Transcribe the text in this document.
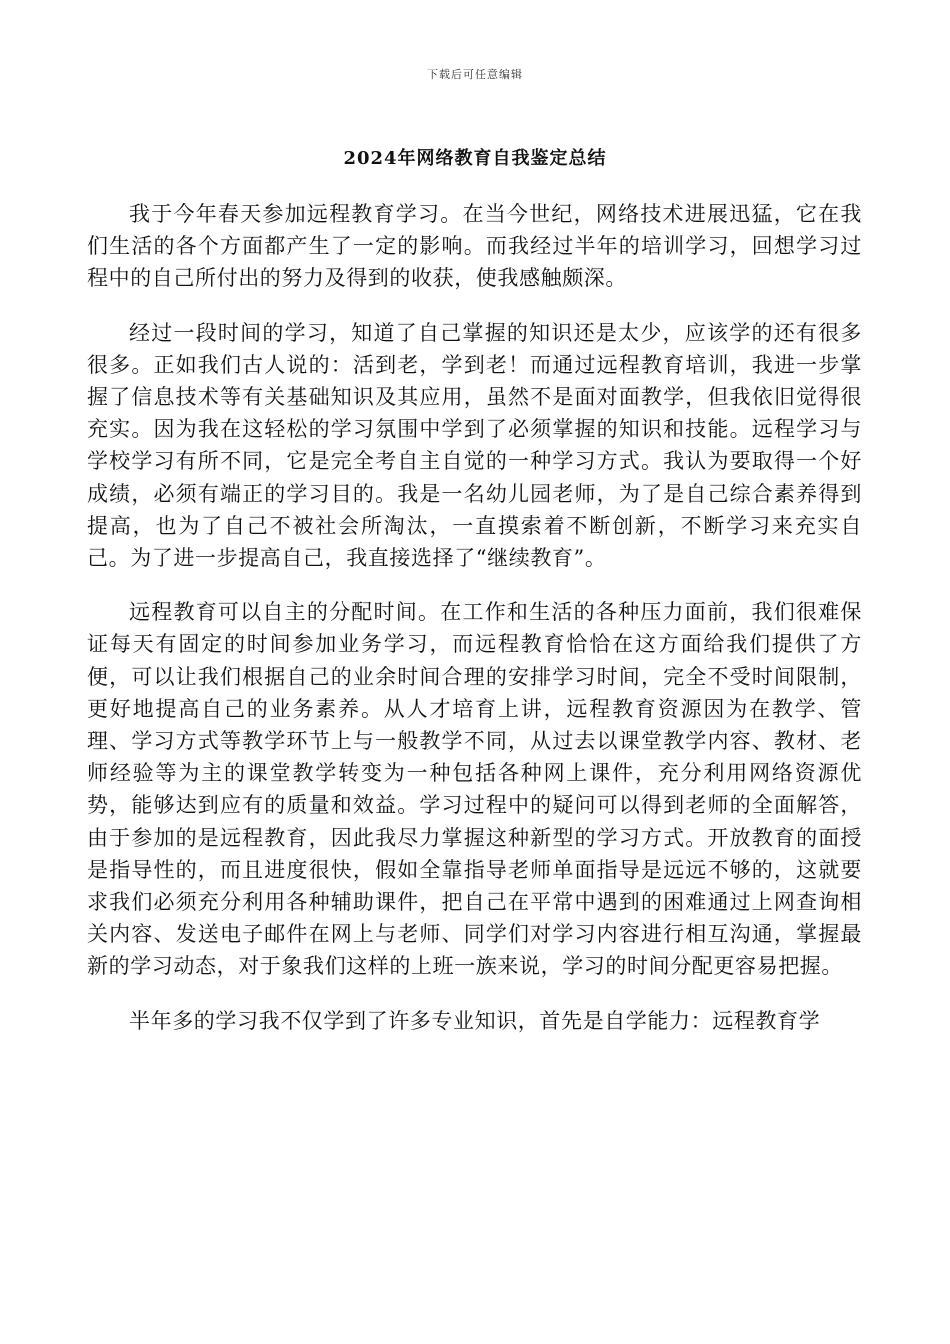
下载后可任意编辑
2024年网络教育自我鉴定总结

我于今年春天参加远程教育学习。在当今世纪，网络技术进展迅猛，它在我们生活的各个方面都产生了一定的影响。而我经过半年的培训学习，回想学习过程中的自己所付出的努力及得到的收获，使我感触颇深。

经过一段时间的学习，知道了自己掌握的知识还是太少，应该学的还有很多很多。正如我们古人说的：活到老，学到老！而通过远程教育培训，我进一步掌握了信息技术等有关基础知识及其应用，虽然不是面对面教学，但我依旧觉得很充实。因为我在这轻松的学习氛围中学到了必须掌握的知识和技能。远程学习与学校学习有所不同，它是完全考自主自觉的一种学习方式。我认为要取得一个好成绩，必须有端正的学习目的。我是一名幼儿园老师，为了是自己综合素养得到提高，也为了自己不被社会所淘汰，一直摸索着不断创新，不断学习来充实自己。为了进一步提高自己，我直接选择了“继续教育”。

远程教育可以自主的分配时间。在工作和生活的各种压力面前，我们很难保证每天有固定的时间参加业务学习，而远程教育恰恰在这方面给我们提供了方便，可以让我们根据自己的业余时间合理的安排学习时间，完全不受时间限制，更好地提高自己的业务素养。从人才培育上讲，远程教育资源因为在教学、管理、学习方式等教学环节上与一般教学不同，从过去以课堂教学内容、教材、老师经验等为主的课堂教学转变为一种包括各种网上课件，充分利用网络资源优势，能够达到应有的质量和效益。学习过程中的疑问可以得到老师的全面解答，由于参加的是远程教育，因此我尽力掌握这种新型的学习方式。开放教育的面授是指导性的，而且进度很快，假如全靠指导老师单面指导是远远不够的，这就要求我们必须充分利用各种辅助课件，把自己在平常中遇到的困难通过上网查询相关内容、发送电子邮件在网上与老师、同学们对学习内容进行相互沟通，掌握最新的学习动态，对于象我们这样的上班一族来说，学习的时间分配更容易把握。

半年多的学习我不仅学到了许多专业知识，首先是自学能力：远程教育学
